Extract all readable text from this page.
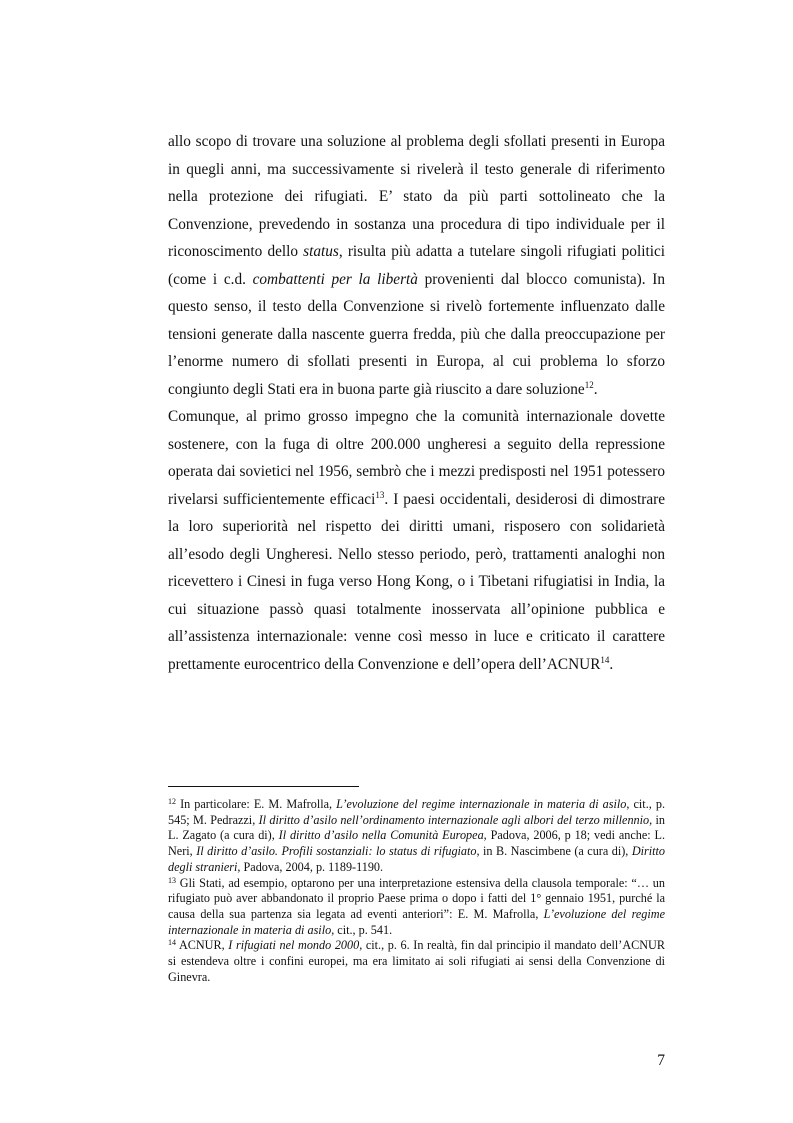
allo scopo di trovare una soluzione al problema degli sfollati presenti in Europa in quegli anni, ma successivamente si rivelerà il testo generale di riferimento nella protezione dei rifugiati. E’ stato da più parti sottolineato che la Convenzione, prevedendo in sostanza una procedura di tipo individuale per il riconoscimento dello status, risulta più adatta a tutelare singoli rifugiati politici (come i c.d. combattenti per la libertà provenienti dal blocco comunista). In questo senso, il testo della Convenzione si rivelò fortemente influenzato dalle tensioni generate dalla nascente guerra fredda, più che dalla preoccupazione per l’enorme numero di sfollati presenti in Europa, al cui problema lo sforzo congiunto degli Stati era in buona parte già riuscito a dare soluzione$^{12}$.

Comunque, al primo grosso impegno che la comunità internazionale dovette sostenere, con la fuga di oltre 200.000 ungheresi a seguito della repressione operata dai sovietici nel 1956, sembrò che i mezzi predisposti nel 1951 potessero rivelarsi sufficientemente efficaci$^{13}$. I paesi occidentali, desiderosi di dimostrare la loro superiorità nel rispetto dei diritti umani, risposero con solidarietà all’esodo degli Ungheresi. Nello stesso periodo, però, trattamenti analoghi non ricevettero i Cinesi in fuga verso Hong Kong, o i Tibetani rifugiatisi in India, la cui situazione passò quasi totalmente inosservata all’opinione pubblica e all’assistenza internazionale: venne così messo in luce e criticato il carattere prettamente eurocentrico della Convenzione e dell’opera dell’ACNUR$^{14}$.

$^{12}$ In particolare: E. M. Mafrolla, L’evoluzione del regime internazionale in materia di asilo, cit., p. 545; M. Pedrazzi, Il diritto d’asilo nell’ordinamento internazionale agli albori del terzo millennio, in L. Zagato (a cura di), Il diritto d’asilo nella Comunità Europea, Padova, 2006, p 18; vedi anche: L. Neri, Il diritto d’asilo. Profili sostanziali: lo status di rifugiato, in B. Nascimbene (a cura di), Diritto degli stranieri, Padova, 2004, p. 1189-1190.

$^{13}$ Gli Stati, ad esempio, optarono per una interpretazione estensiva della clausola temporale: “… un rifugiato può aver abbandonato il proprio Paese prima o dopo i fatti del 1° gennaio 1951, purché la causa della sua partenza sia legata ad eventi anteriori”: E. M. Mafrolla, L’evoluzione del regime internazionale in materia di asilo, cit., p. 541.

$^{14}$ ACNUR, I rifugiati nel mondo 2000, cit., p. 6. In realtà, fin dal principio il mandato dell’ACNUR si estendeva oltre i confini europei, ma era limitato ai soli rifugiati ai sensi della Convenzione di Ginevra.

7
